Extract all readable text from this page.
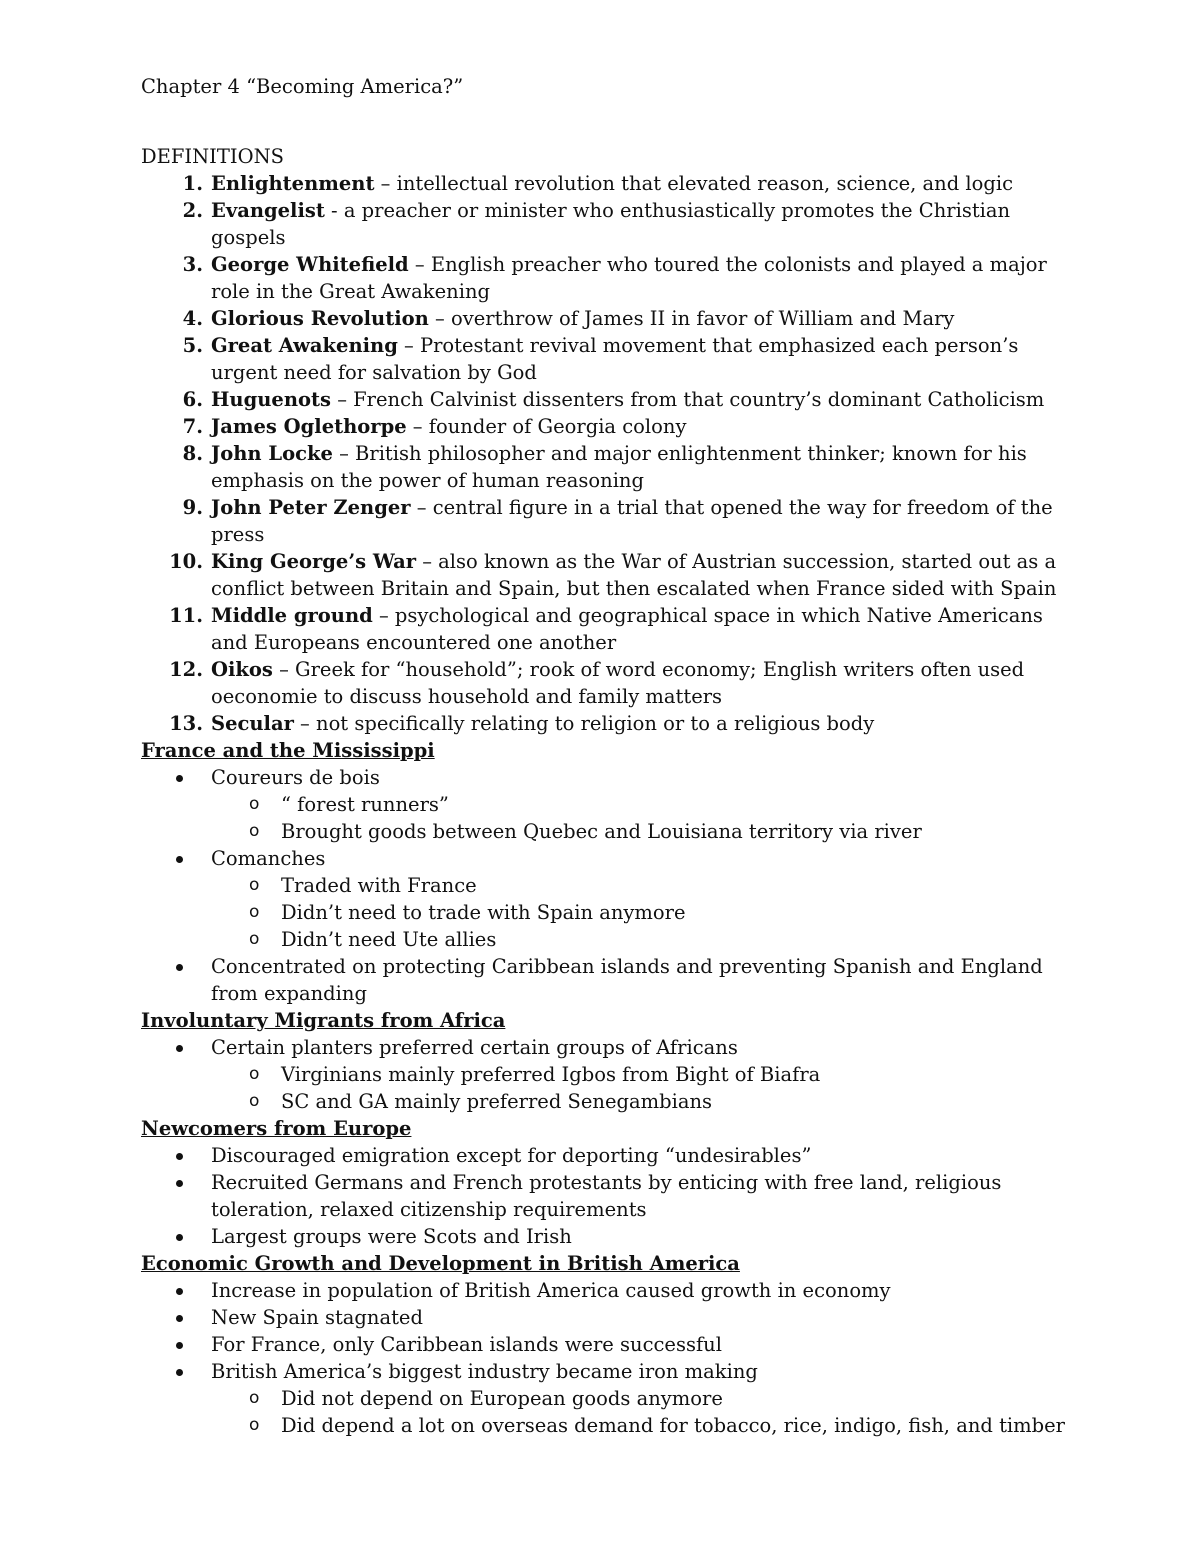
Chapter 4 “Becoming America?”
DEFINITIONS
1. Enlightenment – intellectual revolution that elevated reason, science, and logic
2. Evangelist - a preacher or minister who enthusiastically promotes the Christian gospels
3. George Whitefield – English preacher who toured the colonists and played a major role in the Great Awakening
4. Glorious Revolution – overthrow of James II in favor of William and Mary
5. Great Awakening – Protestant revival movement that emphasized each person’s urgent need for salvation by God
6. Huguenots – French Calvinist dissenters from that country’s dominant Catholicism
7. James Oglethorpe – founder of Georgia colony
8. John Locke – British philosopher and major enlightenment thinker; known for his emphasis on the power of human reasoning
9. John Peter Zenger – central figure in a trial that opened the way for freedom of the press
10. King George’s War – also known as the War of Austrian succession, started out as a conflict between Britain and Spain, but then escalated when France sided with Spain
11. Middle ground – psychological and geographical space in which Native Americans and Europeans encountered one another
12. Oikos – Greek for “household”; rook of word economy; English writers often used oeconomie to discuss household and family matters
13. Secular – not specifically relating to religion or to a religious body
France and the Mississippi
Coureurs de bois
o “ forest runners”
o Brought goods between Quebec and Louisiana territory via river
Comanches
o Traded with France
o Didn’t need to trade with Spain anymore
o Didn’t need Ute allies
Concentrated on protecting Caribbean islands and preventing Spanish and England from expanding
Involuntary Migrants from Africa
Certain planters preferred certain groups of Africans
o Virginians mainly preferred Igbos from Bight of Biafra
o SC and GA mainly preferred Senegambians
Newcomers from Europe
Discouraged emigration except for deporting “undesirables”
Recruited Germans and French protestants by enticing with free land, religious toleration, relaxed citizenship requirements
Largest groups were Scots and Irish
Economic Growth and Development in British America
Increase in population of British America caused growth in economy
New Spain stagnated
For France, only Caribbean islands were successful
British America’s biggest industry became iron making
o Did not depend on European goods anymore
o Did depend a lot on overseas demand for tobacco, rice, indigo, fish, and timber
